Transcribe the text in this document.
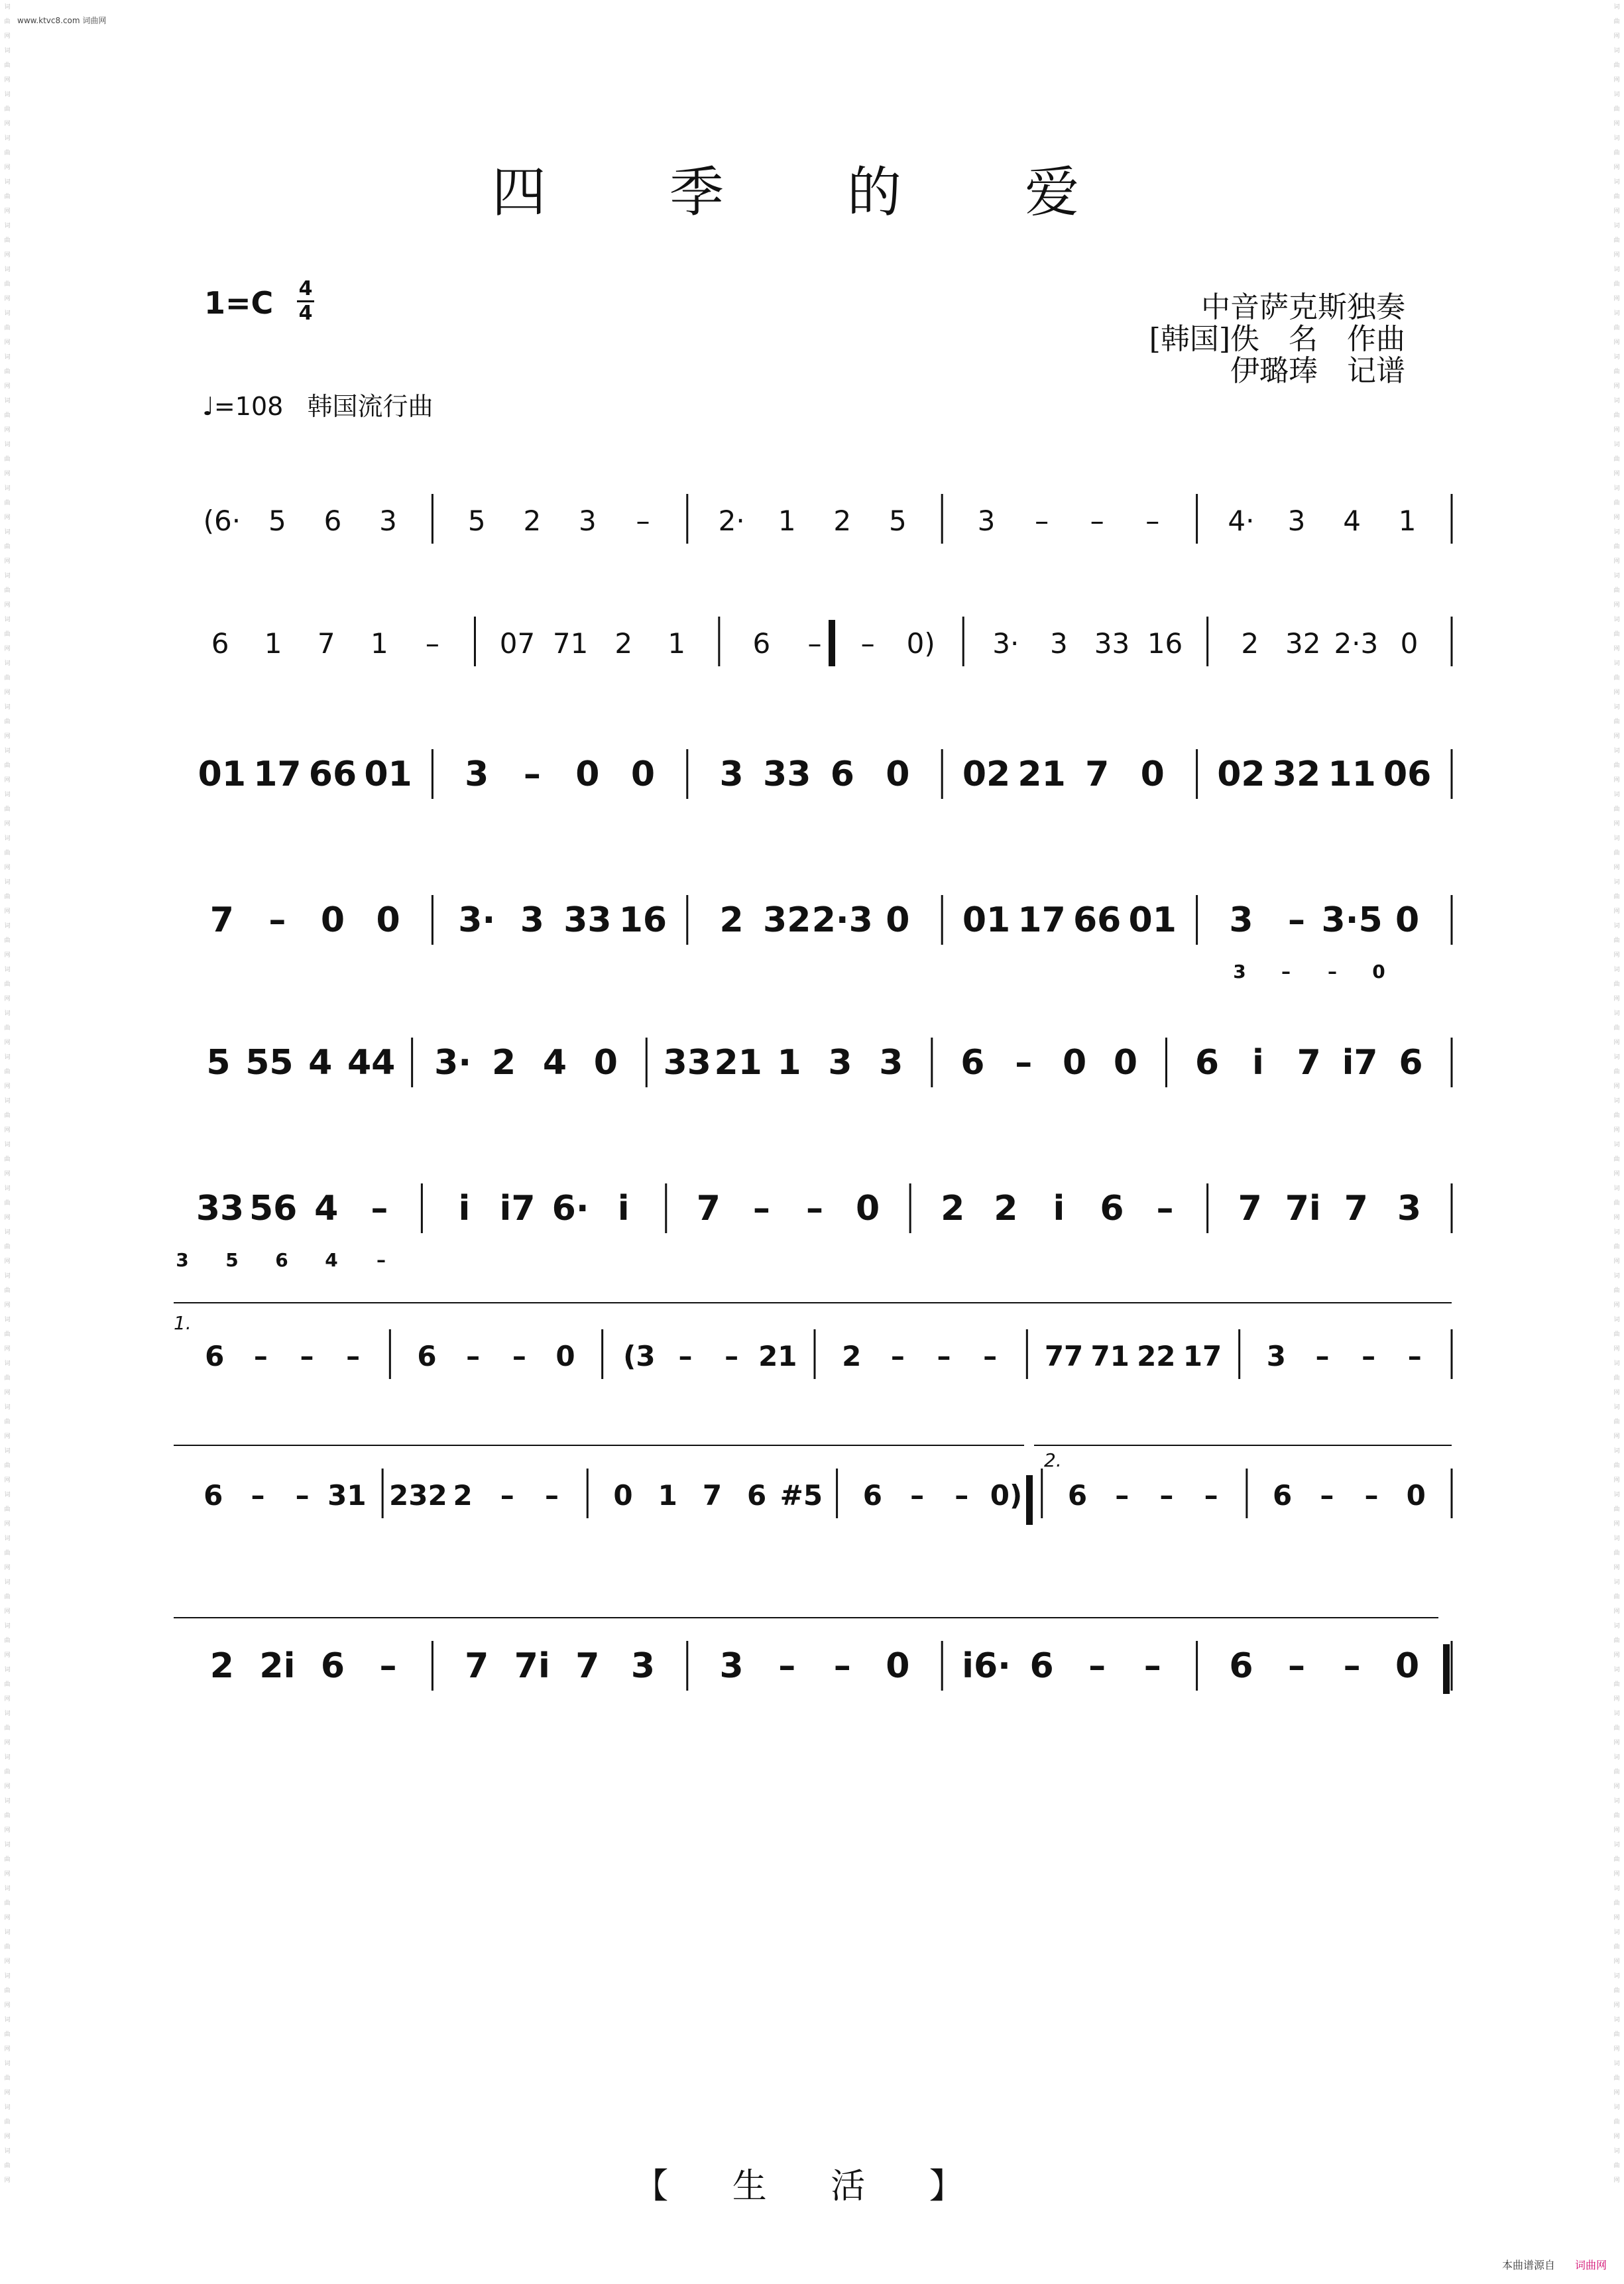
词
曲
网
词
曲
网
词
曲
网
词
曲
网
词
曲
网
词
曲
网
词
曲
网
词
曲
网
词
曲
网
词
曲
网
词
曲
网
词
曲
网
词
曲
网
词
曲
网
词
曲
网
词
曲
网
词
曲
网
词
曲
网
词
曲
网
词
曲
网
词
曲
网
词
曲
网
词
曲
网
词
曲
网
词
曲
网
词
曲
网
词
曲
网
词
曲
网
词
曲
网
词
曲
网
词
曲
网
词
曲
网
词
曲
网
词
曲
网
词
曲
网
词
曲
网
词
曲
网
词
曲
网
词
曲
网
词
曲
网
词
曲
网
词
曲
网
词
曲
网
词
曲
网
词
曲
网
词
曲
网
词
曲
网
词
曲
网
词
曲
网
词
曲
网

词
曲
网
词
曲
网
词
曲
网
词
曲
网
词
曲
网
词
曲
网
词
曲
网
词
曲
网
词
曲
网
词
曲
网
词
曲
网
词
曲
网
词
曲
网
词
曲
网
词
曲
网
词
曲
网
词
曲
网
词
曲
网
词
曲
网
词
曲
网
词
曲
网
词
曲
网
词
曲
网
词
曲
网
词
曲
网
词
曲
网
词
曲
网
词
曲
网
词
曲
网
词
曲
网
词
曲
网
词
曲
网
词
曲
网
词
曲
网
词
曲
网
词
曲
网
词
曲
网
词
曲
网
词
曲
网
词
曲
网
词
曲
网
词
曲
网
词
曲
网
词
曲
网
词
曲
网
词
曲
网
词
曲
网
词
曲
网
词
曲
网
词
曲
网

www.ktvc8.com 词曲网
四 季 的 爱
1=C 4
4
♩=108 韩国流行曲
中音萨克斯独奏
[韩国]佚　名　作曲
伊璐琫　记谱
(6· 5 6 3	5 2 3 – 2· 1 2 5	3 – – – 4· 3 4 1
6 1 7 1 – 07 71 2 1 6 – – 0) 3· 3 33 16 2 32 2·3 0
01 17 66 01 3 – 0 0 3 33 6 0 02 21 7 0 02 32 11 06
7 – 0 0 3· 3 33 16 2 32 2·3 0 01 17 66 01 3 – 3·5 0
5 55 4 44 3· 2 4 0 33 21 1 3 3 6 – 0 0 6 i 7 i7 6
33 56 4 – i i7 6· i 7 – – 0 2 2 i 6 – 7 7i 7 3
6 – – – 6 – – 0 (3 – – 21 2 – – – 77 71 22 17 3 – – –
6 – – 31 232 2 – – 0 1 7 6 #5 6 – – 0) 6 – – – 6 – – 0
2 2i 6 – 7 7i 7 3 3 – – 0 i6· 6 – – 6 – – 0
3 – – 0
3 5 6 4 –
1.
2.
【 生 活 】
本曲谱源自 词曲网
